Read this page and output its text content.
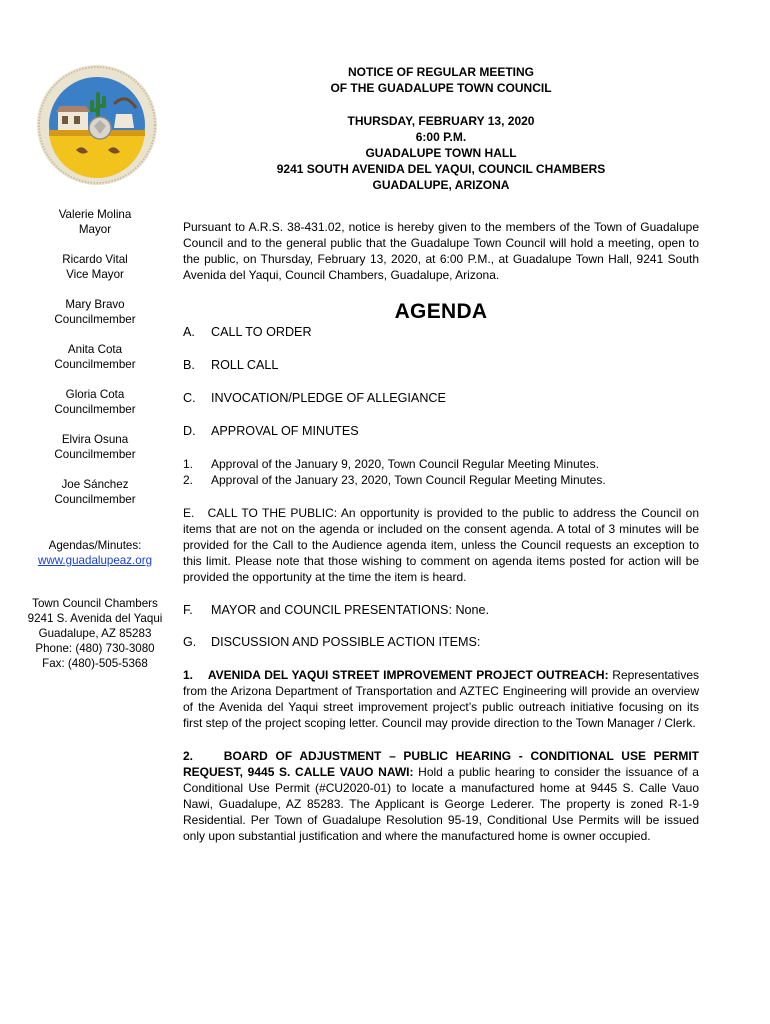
NOTICE OF REGULAR MEETING
OF THE GUADALUPE TOWN COUNCIL
THURSDAY, FEBRUARY 13, 2020
6:00 P.M.
GUADALUPE TOWN HALL
9241 SOUTH AVENIDA DEL YAQUI, COUNCIL CHAMBERS
GUADALUPE, ARIZONA
Valerie Molina
Mayor
Ricardo Vital
Vice Mayor
Mary Bravo
Councilmember
Anita Cota
Councilmember
Gloria Cota
Councilmember
Elvira Osuna
Councilmember
Joe Sánchez
Councilmember
Agendas/Minutes:
www.guadalupeaz.org
Town Council Chambers
9241 S. Avenida del Yaqui
Guadalupe, AZ 85283
Phone: (480) 730-3080
Fax: (480)-505-5368
Pursuant to A.R.S. 38-431.02, notice is hereby given to the members of the Town of Guadalupe Council and to the general public that the Guadalupe Town Council will hold a meeting, open to the public, on Thursday, February 13, 2020, at 6:00 P.M., at Guadalupe Town Hall, 9241 South Avenida del Yaqui, Council Chambers, Guadalupe, Arizona.
AGENDA
A. CALL TO ORDER
B. ROLL CALL
C. INVOCATION/PLEDGE OF ALLEGIANCE
D. APPROVAL OF MINUTES
1. Approval of the January 9, 2020, Town Council Regular Meeting Minutes.
2. Approval of the January 23, 2020, Town Council Regular Meeting Minutes.
E.   CALL TO THE PUBLIC: An opportunity is provided to the public to address the Council on items that are not on the agenda or included on the consent agenda. A total of 3 minutes will be provided for the Call to the Audience agenda item, unless the Council requests an exception to this limit. Please note that those wishing to comment on agenda items posted for action will be provided the opportunity at the time the item is heard.
F. MAYOR and COUNCIL PRESENTATIONS: None.
G. DISCUSSION AND POSSIBLE ACTION ITEMS:
1.    AVENIDA DEL YAQUI STREET IMPROVEMENT PROJECT OUTREACH: Representatives from the Arizona Department of Transportation and AZTEC Engineering will provide an overview of the Avenida del Yaqui street improvement project’s public outreach initiative focusing on its first step of the project scoping letter. Council may provide direction to the Town Manager / Clerk.
2.    BOARD OF ADJUSTMENT – PUBLIC HEARING - CONDITIONAL USE PERMIT REQUEST, 9445 S. CALLE VAUO NAWI: Hold a public hearing to consider the issuance of a Conditional Use Permit (#CU2020-01) to locate a manufactured home at 9445 S. Calle Vauo Nawi, Guadalupe, AZ 85283. The Applicant is George Lederer. The property is zoned R-1-9 Residential. Per Town of Guadalupe Resolution 95-19, Conditional Use Permits will be issued only upon substantial justification and where the manufactured home is owner occupied.
